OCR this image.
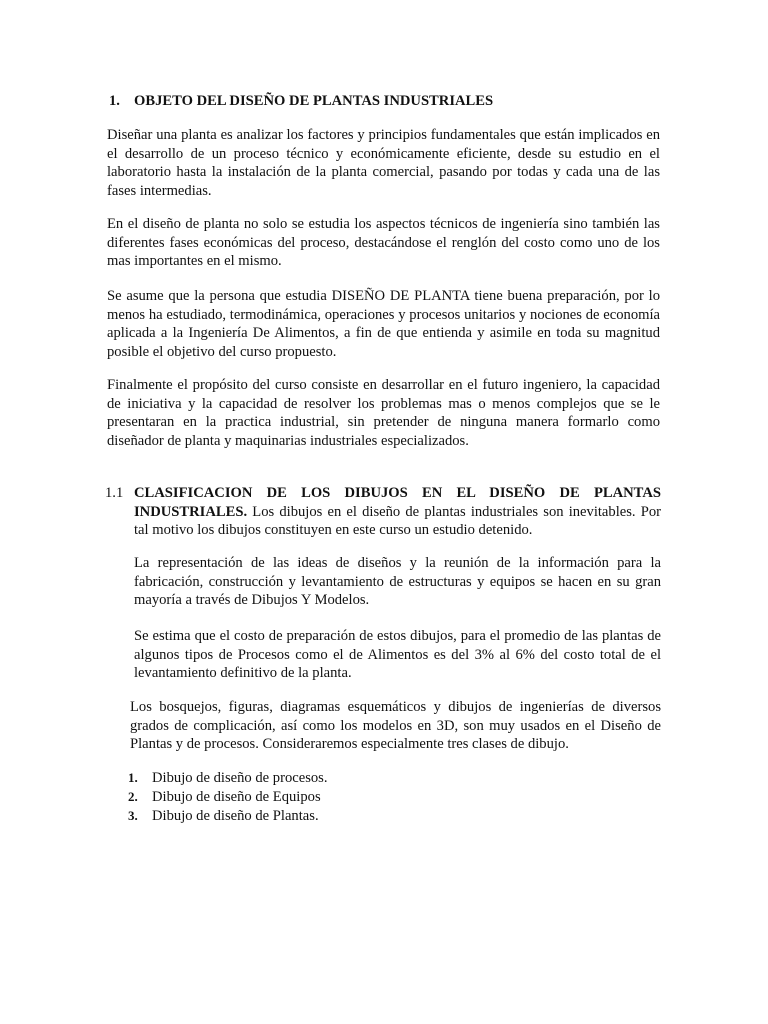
1. OBJETO DEL DISEÑO DE PLANTAS INDUSTRIALES

Diseñar una planta es analizar los factores y principios fundamentales que están implicados en el desarrollo de un proceso técnico y económicamente eficiente, desde su estudio en el laboratorio hasta la instalación de la planta comercial, pasando por todas y cada una de las fases intermedias.

En el diseño de planta no solo se estudia los aspectos técnicos de ingeniería sino también las diferentes fases económicas del proceso, destacándose el renglón del costo como uno de los mas importantes en el mismo.

Se asume que la persona que estudia DISEÑO DE PLANTA tiene buena preparación, por lo menos ha estudiado, termodinámica, operaciones y procesos unitarios y nociones de economía aplicada a la Ingeniería De Alimentos, a fin de que entienda y asimile en toda su magnitud posible el objetivo del curso propuesto.

Finalmente el propósito del curso consiste en desarrollar en el futuro ingeniero, la capacidad de iniciativa y la capacidad de resolver los problemas mas o menos complejos que se le presentaran en la practica industrial, sin pretender de ninguna manera formarlo como diseñador de planta y maquinarias industriales especializados.

1.1 CLASIFICACION DE LOS DIBUJOS EN EL DISEÑO DE PLANTAS INDUSTRIALES. Los dibujos en el diseño de plantas industriales son inevitables. Por tal motivo los dibujos constituyen en este curso un estudio detenido.

La representación de las ideas de diseños y la reunión de la información para la fabricación, construcción y levantamiento de estructuras y equipos se hacen en su gran mayoría a través de Dibujos Y Modelos.

Se estima que el costo de preparación de estos dibujos, para el promedio de las plantas de algunos tipos de Procesos como el de Alimentos es del 3% al 6% del costo total de el levantamiento definitivo de la planta.

Los bosquejos, figuras, diagramas esquemáticos y dibujos de ingenierías de diversos grados de complicación, así como los modelos en 3D, son muy usados en el Diseño de Plantas y de procesos. Consideraremos especialmente tres clases de dibujo.

1. Dibujo de diseño de procesos.
2. Dibujo de diseño de Equipos
3. Dibujo de diseño de Plantas.
